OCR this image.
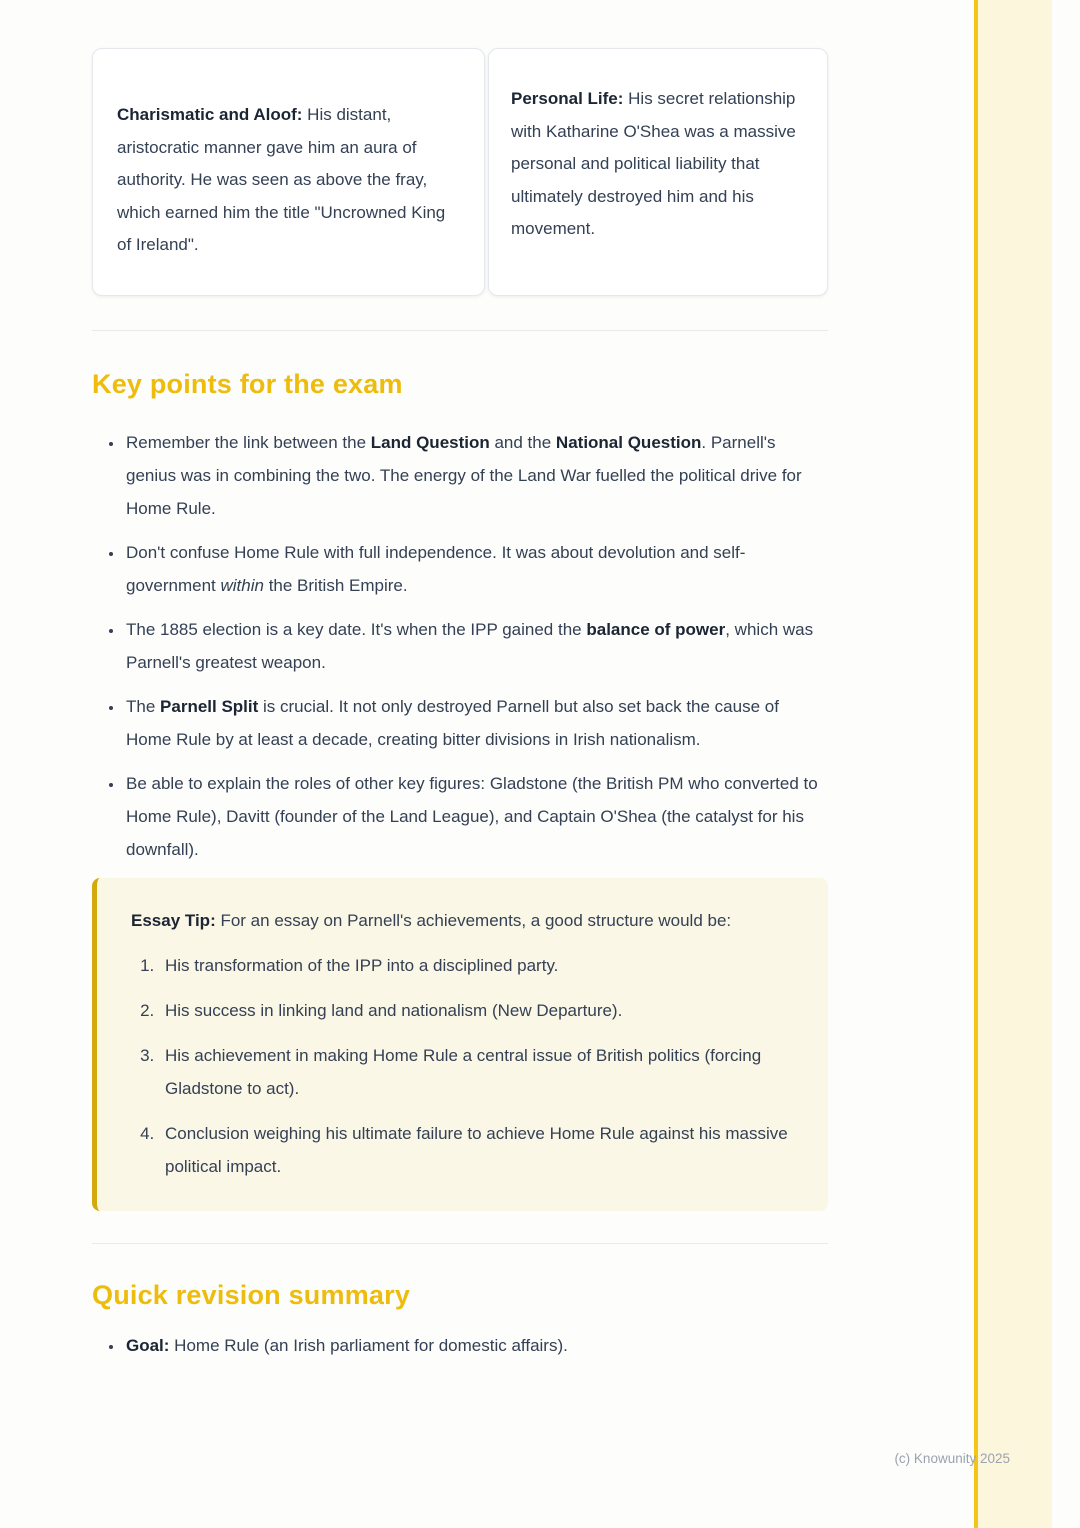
Charismatic and Aloof: His distant, aristocratic manner gave him an aura of authority. He was seen as above the fray, which earned him the title "Uncrowned King of Ireland".

Personal Life: His secret relationship with Katharine O'Shea was a massive personal and political liability that ultimately destroyed him and his movement.

Key points for the exam
• Remember the link between the Land Question and the National Question. Parnell's genius was in combining the two. The energy of the Land War fuelled the political drive for Home Rule.
• Don't confuse Home Rule with full independence. It was about devolution and self-government within the British Empire.
• The 1885 election is a key date. It's when the IPP gained the balance of power, which was Parnell's greatest weapon.
• The Parnell Split is crucial. It not only destroyed Parnell but also set back the cause of Home Rule by at least a decade, creating bitter divisions in Irish nationalism.
• Be able to explain the roles of other key figures: Gladstone (the British PM who converted to Home Rule), Davitt (founder of the Land League), and Captain O'Shea (the catalyst for his downfall).

Essay Tip: For an essay on Parnell's achievements, a good structure would be:

1. His transformation of the IPP into a disciplined party.
2. His success in linking land and nationalism (New Departure).
3. His achievement in making Home Rule a central issue of British politics (forcing Gladstone to act).
4. Conclusion weighing his ultimate failure to achieve Home Rule against his massive political impact.
Quick revision summary
• Goal: Home Rule (an Irish parliament for domestic affairs).
(c) Knowunity 2025
